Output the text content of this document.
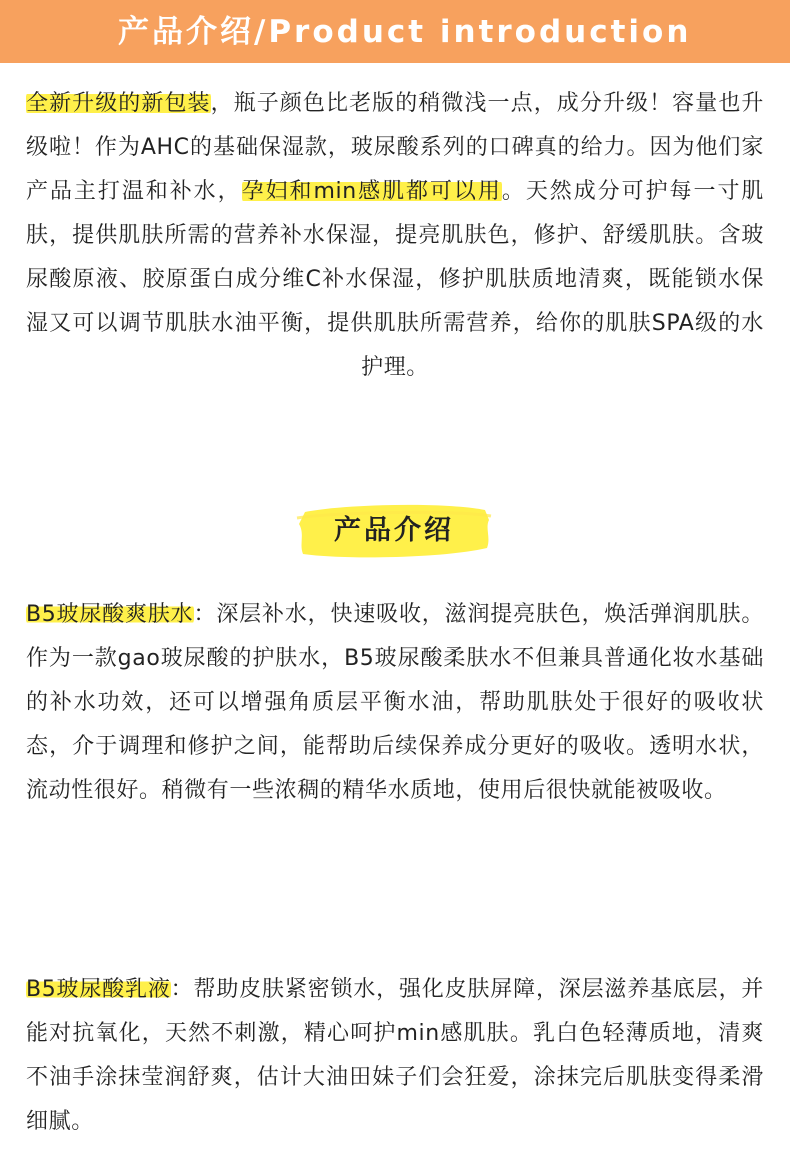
产品介绍/Product introduction
全新升级的新包装，瓶子颜色比老版的稍微浅一点，成分升级！容量也升级啦！作为AHC的基础保湿款，玻尿酸系列的口碑真的给力。因为他们家产品主打温和补水，孕妇和min感肌都可以用。天然成分可护每一寸肌肤，提供肌肤所需的营养补水保湿，提亮肌肤色，修护、舒缓肌肤。含玻尿酸原液、胶原蛋白成分维C补水保湿，修护肌肤质地清爽，既能锁水保湿又可以调节肌肤水油平衡，提供肌肤所需营养，给你的肌肤SPA级的水护理。
产品介绍
B5玻尿酸爽肤水：深层补水，快速吸收，滋润提亮肤色，焕活弹润肌肤。作为一款gao玻尿酸的护肤水，B5玻尿酸柔肤水不但兼具普通化妆水基础的补水功效，还可以增强角质层平衡水油，帮助肌肤处于很好的吸收状态，介于调理和修护之间，能帮助后续保养成分更好的吸收。透明水状，流动性很好。稍微有一些浓稠的精华水质地，使用后很快就能被吸收。
B5玻尿酸乳液：帮助皮肤紧密锁水，强化皮肤屏障，深层滋养基底层，并能对抗氧化，天然不刺激，精心呵护min感肌肤。乳白色轻薄质地，清爽不油手涂抹莹润舒爽，估计大油田妹子们会狂爱，涂抹完后肌肤变得柔滑细腻。
